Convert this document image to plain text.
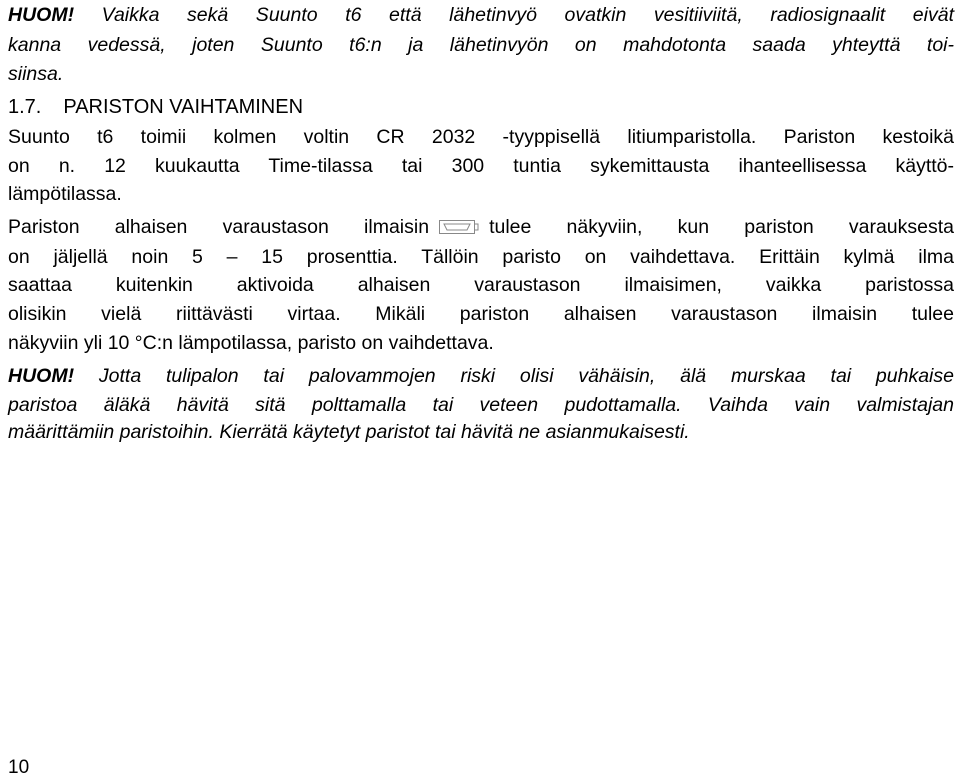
HUOM! Vaikka sekä Suunto t6 että lähetinvyö ovatkin vesitiiviitä, radiosignaalit eivät
kanna vedessä, joten Suunto t6:n ja lähetinvyön on mahdotonta saada yhteyttä toi-
siinsa.
1.7. PARISTON VAIHTAMINEN
Suunto t6 toimii kolmen voltin CR 2032 -tyyppisellä litiumparistolla. Pariston kestoikä
on n. 12 kuukautta Time-tilassa tai 300 tuntia sykemittausta ihanteellisessa käyttö-
lämpötilassa.
Pariston alhaisen varaustason ilmaisin	tulee näkyviin, kun pariston varauksesta
on jäljellä noin 5 – 15 prosenttia. Tällöin paristo on vaihdettava. Erittäin kylmä ilma
saattaa kuitenkin aktivoida alhaisen varaustason ilmaisimen, vaikka paristossa
olisikin vielä riittävästi virtaa. Mikäli pariston alhaisen varaustason ilmaisin tulee
näkyviin yli 10 °C:n lämpotilassa, paristo on vaihdettava.
HUOM! Jotta tulipalon tai palovammojen riski olisi vähäisin, älä murskaa tai puhkaise
paristoa äläkä hävitä sitä polttamalla tai veteen pudottamalla. Vaihda vain valmistajan
määrittämiin paristoihin. Kierrätä käytetyt paristot tai hävitä ne asianmukaisesti.
10
